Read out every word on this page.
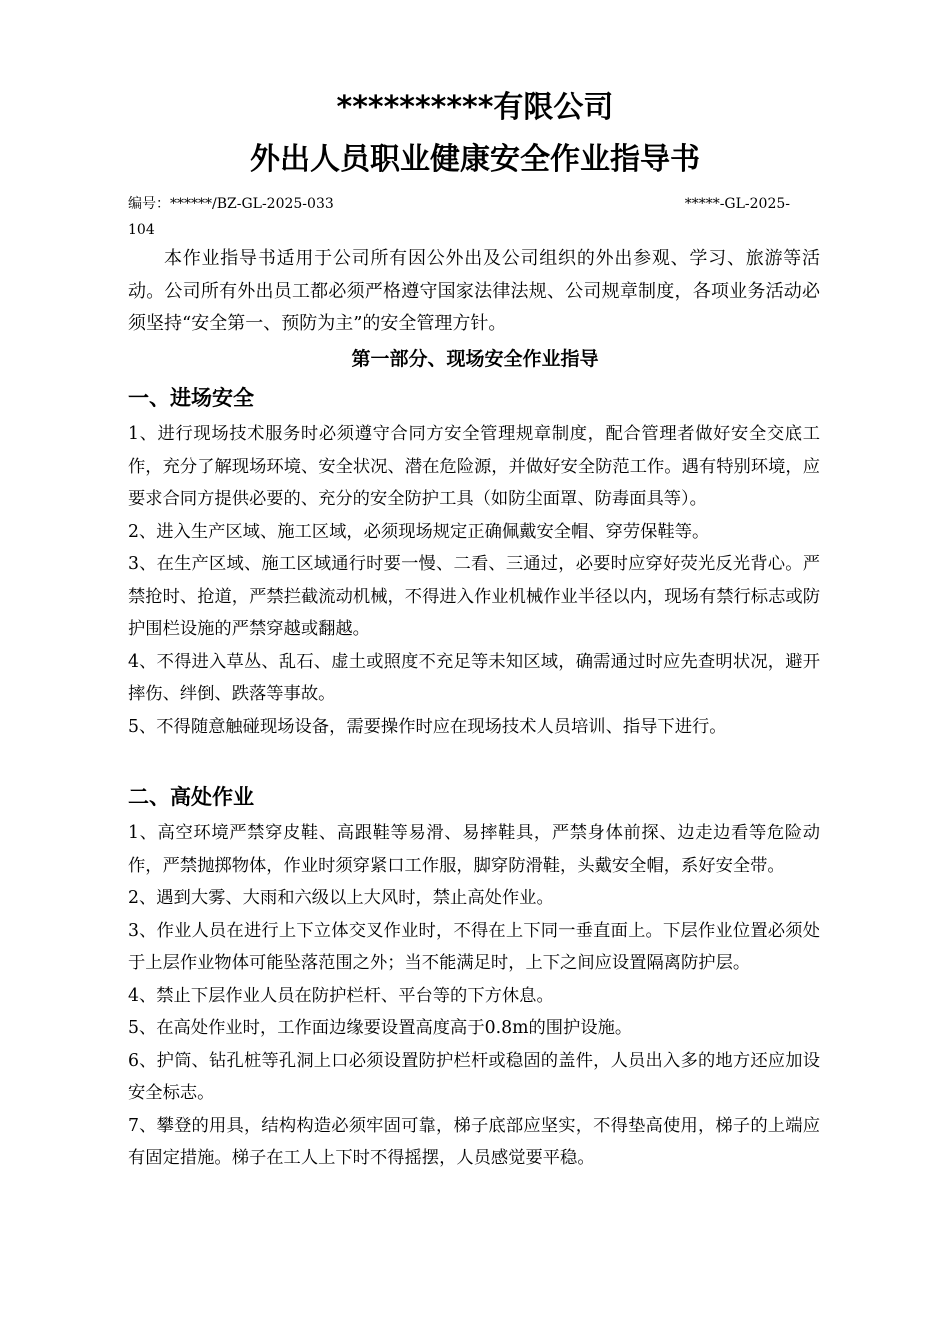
**********有限公司
外出人员职业健康安全作业指导书
编号：******/BZ-GL-2025-033	*****-GL-2025-
104

本作业指导书适用于公司所有因公外出及公司组织的外出参观、学习、旅游等活动。公司所有外出员工都必须严格遵守国家法律法规、公司规章制度，各项业务活动必须坚持“安全第一、预防为主”的安全管理方针。

第一部分、现场安全作业指导
一、进场安全

1、进行现场技术服务时必须遵守合同方安全管理规章制度，配合管理者做好安全交底工作，充分了解现场环境、安全状况、潜在危险源，并做好安全防范工作。遇有特别环境，应要求合同方提供必要的、充分的安全防护工具（如防尘面罩、防毒面具等）。

2、进入生产区域、施工区域，必须现场规定正确佩戴安全帽、穿劳保鞋等。

3、在生产区域、施工区域通行时要一慢、二看、三通过，必要时应穿好荧光反光背心。严禁抢时、抢道，严禁拦截流动机械，不得进入作业机械作业半径以内，现场有禁行标志或防护围栏设施的严禁穿越或翻越。

4、不得进入草丛、乱石、虚土或照度不充足等未知区域，确需通过时应先查明状况，避开摔伤、绊倒、跌落等事故。

5、不得随意触碰现场设备，需要操作时应在现场技术人员培训、指导下进行。

二、高处作业

1、高空环境严禁穿皮鞋、高跟鞋等易滑、易摔鞋具，严禁身体前探、边走边看等危险动作，严禁抛掷物体，作业时须穿紧口工作服，脚穿防滑鞋，头戴安全帽，系好安全带。

2、遇到大雾、大雨和六级以上大风时，禁止高处作业。

3、作业人员在进行上下立体交叉作业时，不得在上下同一垂直面上。下层作业位置必须处于上层作业物体可能坠落范围之外；当不能满足时，上下之间应设置隔离防护层。

4、禁止下层作业人员在防护栏杆、平台等的下方休息。

5、在高处作业时，工作面边缘要设置高度高于0.8m的围护设施。

6、护筒、钻孔桩等孔洞上口必须设置防护栏杆或稳固的盖件，人员出入多的地方还应加设安全标志。

7、攀登的用具，结构构造必须牢固可靠，梯子底部应坚实，不得垫高使用，梯子的上端应有固定措施。梯子在工人上下时不得摇摆，人员感觉要平稳。
